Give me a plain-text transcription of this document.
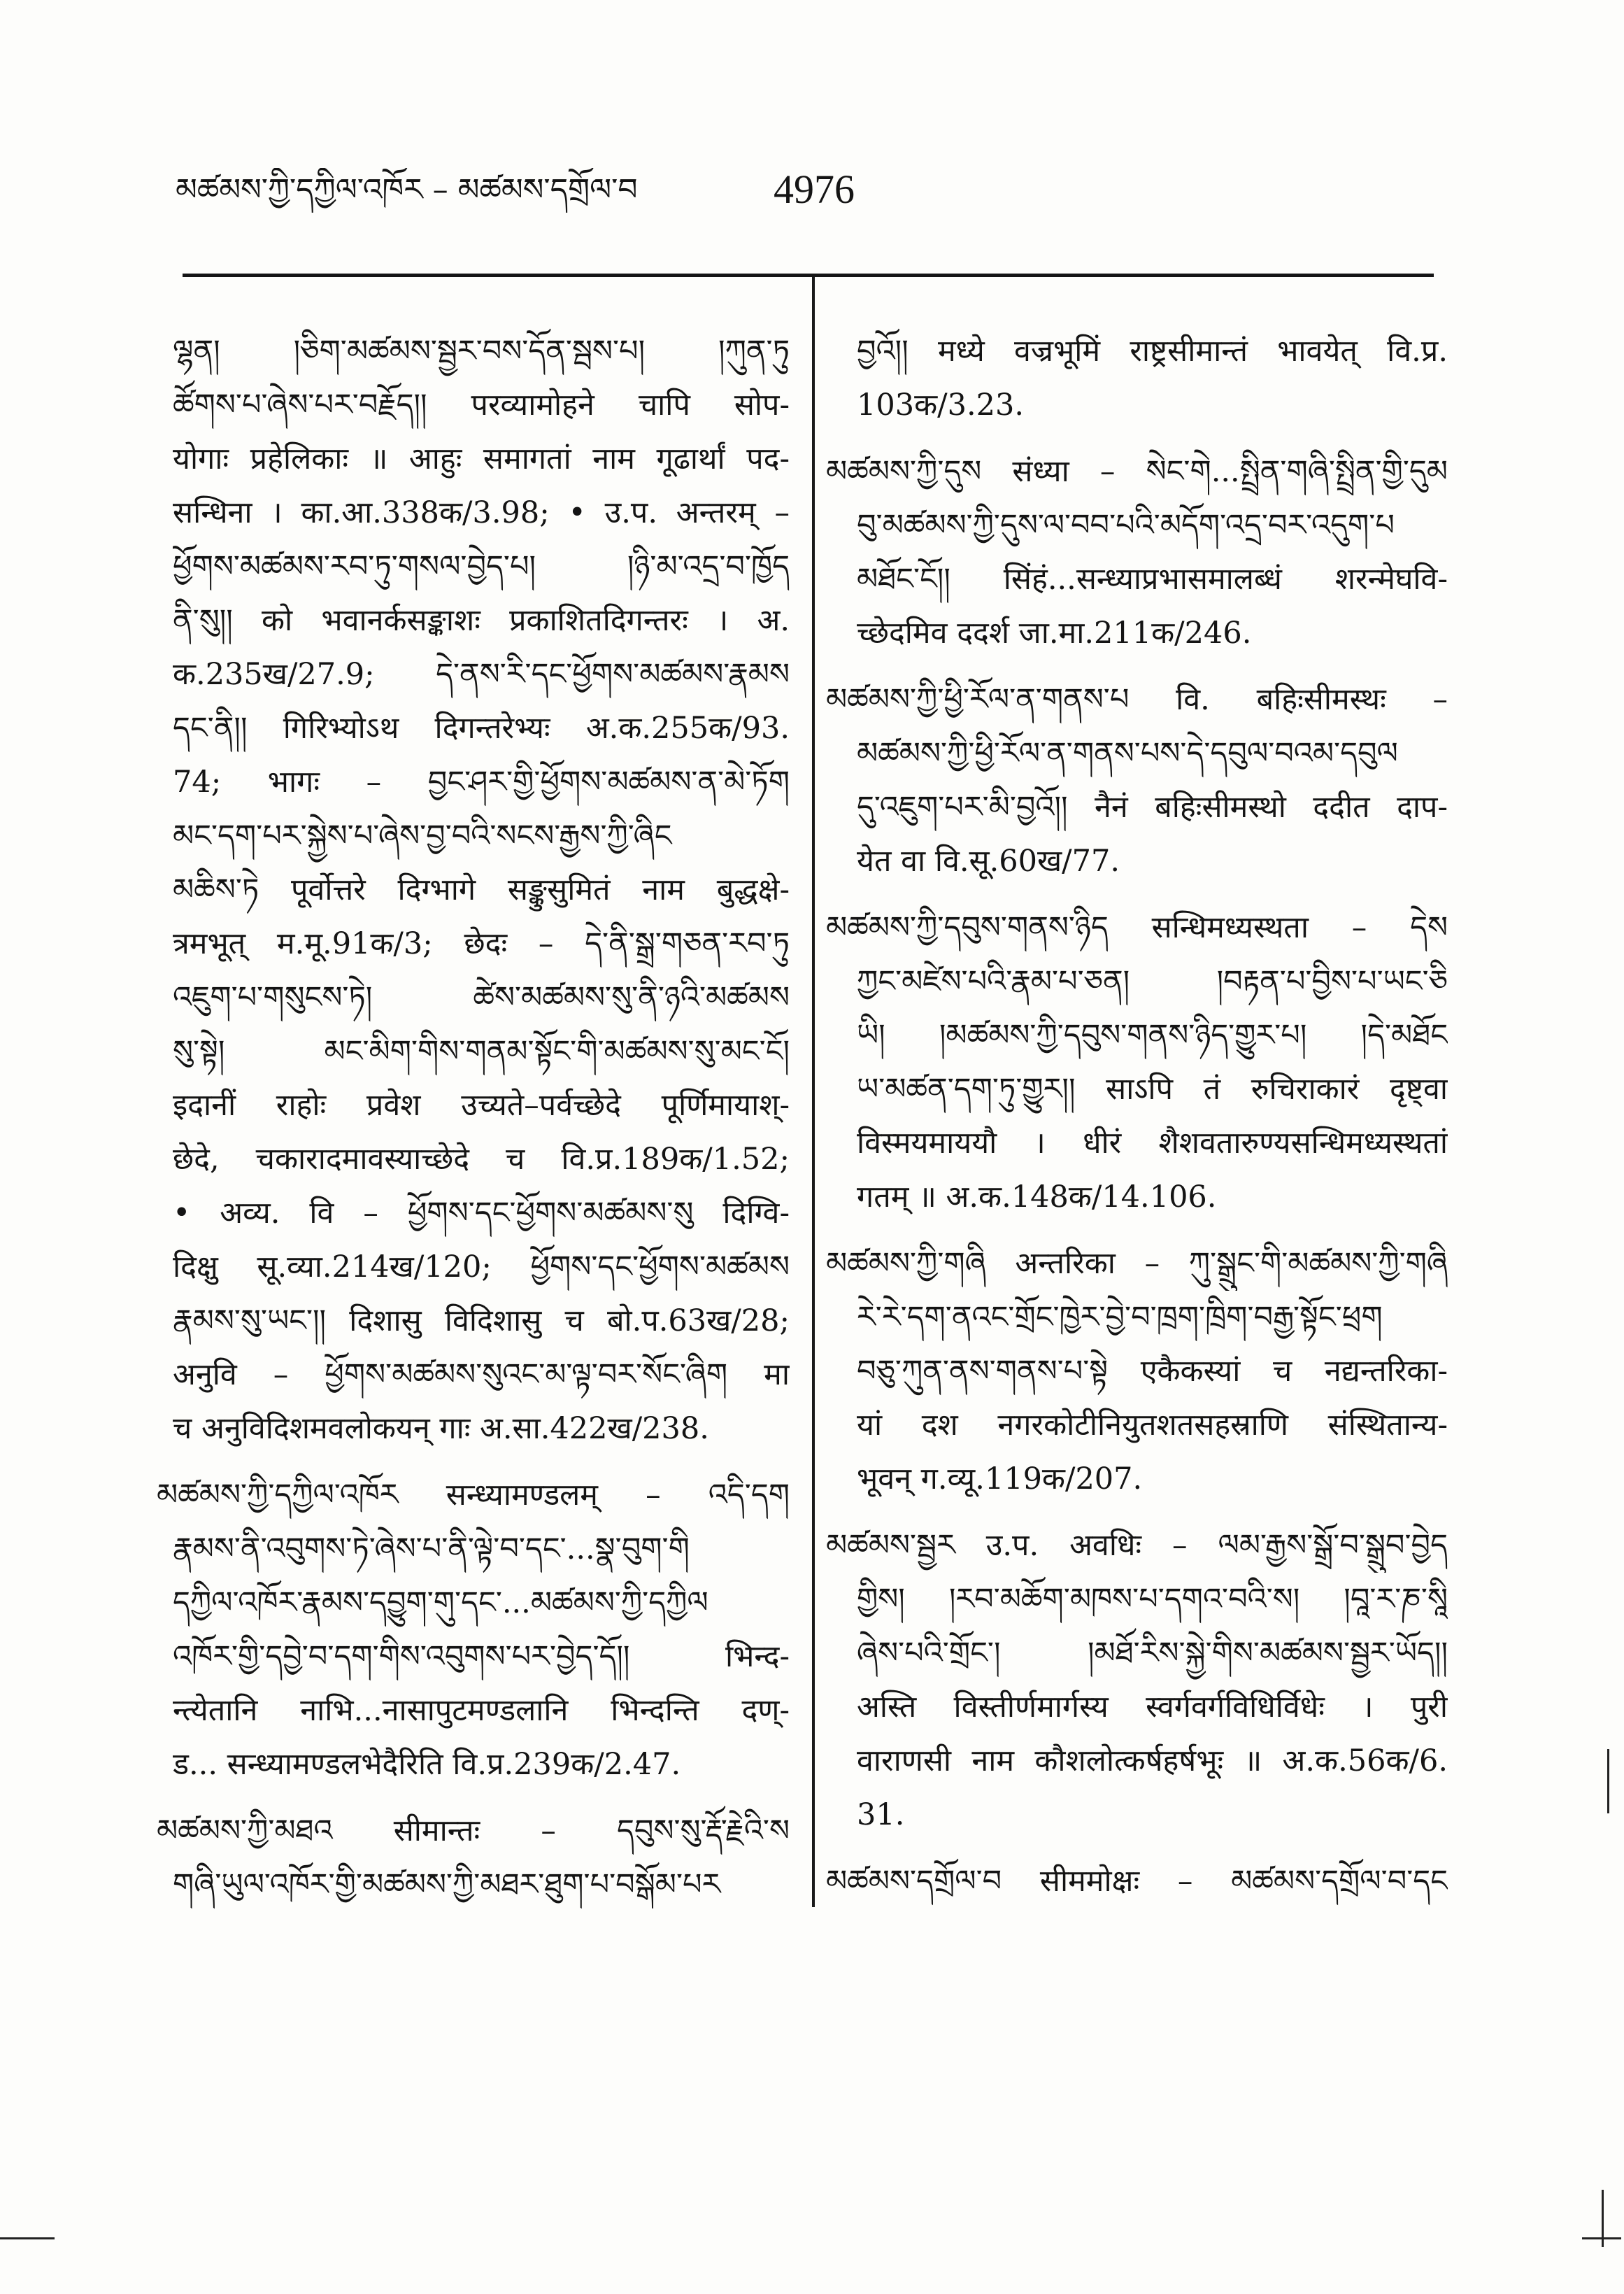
མཚམས་ཀྱི་དཀྱིལ་འཁོར – མཚམས་དགྲོལ་བ	4976
ལྷན། །ཅིག་མཚམས་སྦྱར་བས་དོན་སྦས་པ། །ཀུན་ཏུ
ཚོགས་པ་ཞེས་པར་བརྗོད།། परव्यामोहने चापि सोप-
योगाः प्रहेलिकाः ॥ आहुः समागतां नाम गूढार्थां पद-
सन्धिना । का.आ.338क/3.98; • उ.प. अन्तरम् –
ཕྱོགས་མཚམས་རབ་ཏུ་གསལ་བྱེད་པ། །ཉི་མ་འདྲ་བ་ཁྱོད
ནི་སུ།། को भवानर्कसङ्काशः प्रकाशितदिगन्तरः । अ.
क.235ख/27.9; དེ་ནས་རི་དང་ཕྱོགས་མཚམས་རྣམས
དང་ནི།། गिरिभ्योऽथ दिगन्तरेभ्यः अ.क.255क/93.
74; भागः – བྱང་ཤར་གྱི་ཕྱོགས་མཚམས་ན་མེ་ཏོག
མང་དག་པར་སྐྱེས་པ་ཞེས་བྱ་བའི་སངས་རྒྱས་ཀྱི་ཞིང
མཆིས་ཏེ पूर्वोत्तरे दिग्भागे सङ्कुसुमितं नाम बुद्धक्षे-
त्रमभूत् म.मू.91क/3; छेदः – དེ་ནི་སྒྲ་གཅན་རབ་ཏུ
འཇུག་པ་གསུངས་ཏེ། ཚེས་མཚམས་སུ་ནི་ཉའི་མཚམས
སུ་སྟེ། མང་མིག་གིས་གནམ་སྟོང་གི་མཚམས་སུ་མང་ངོ།
इदानीं राहोः प्रवेश उच्यते–पर्वच्छेदे पूर्णिमायाश्-
छेदे, चकारादमावस्याच्छेदे च वि.प्र.189क/1.52;
• अव्य. वि – ཕྱོགས་དང་ཕྱོགས་མཚམས་སུ दिग्वि-
दिक्षु सू.व्या.214ख/120; ཕྱོགས་དང་ཕྱོགས་མཚམས
རྣམས་སུ་ཡང་།། दिशासु विदिशासु च बो.प.63ख/28;
अनुवि – ཕྱོགས་མཚམས་སུའང་མ་ལྟ་བར་སོང་ཞིག मा
च अनुविदिशमवलोकयन् गाः अ.सा.422ख/238.
མཚམས་ཀྱི་དཀྱིལ་འཁོར सन्ध्यामण्डलम् – འདི་དག
རྣམས་ནི་འབུགས་ཏེ་ཞེས་པ་ནི་ལྟེ་བ་དང་...སྣ་བུག་གི
དཀྱིལ་འཁོར་རྣམས་དབྱུག་གུ་དང་...མཚམས་ཀྱི་དཀྱིལ
འཁོར་གྱི་དབྱེ་བ་དག་གིས་འབུགས་པར་བྱེད་དོ།། भिन्द-
न्त्येतानि नाभि...नासापुटमण्डलानि भिन्दन्ति दण्-
ड... सन्ध्यामण्डलभेदैरिति वि.प्र.239क/2.47.
མཚམས་ཀྱི་མཐའ सीमान्तः – དབུས་སུ་རྡོ་རྗེའི་ས
གཞི་ཡུལ་འཁོར་གྱི་མཚམས་ཀྱི་མཐར་ཐུག་པ་བསྒོམ་པར
བྱའོ།། मध्ये वज्रभूमिं राष्ट्रसीमान्तं भावयेत् वि.प्र.
103क/3.23.
མཚམས་ཀྱི་དུས संध्या – སེང་གེ...སྤྲིན་གཞི་སྤྲིན་གྱི་དུམ
བུ་མཚམས་ཀྱི་དུས་ལ་བབ་པའི་མདོག་འདྲ་བར་འདུག་པ
མཐོང་ངོ།། सिंहं...सन्ध्याप्रभासमालब्धं शरन्मेघवि-
च्छेदमिव ददर्श जा.मा.211क/246.
མཚམས་ཀྱི་ཕྱི་རོལ་ན་གནས་པ वि. बहिःसीमस्थः –
མཚམས་ཀྱི་ཕྱི་རོལ་ན་གནས་པས་དེ་དབུལ་བའམ་དབུལ
དུ་འཇུག་པར་མི་བྱའོ།། नैनं बहिःसीमस्थो ददीत दाप-
येत वा वि.सू.60ख/77.
མཚམས་ཀྱི་དབུས་གནས་ཉིད सन्धिमध्यस्थता – དེས
ཀྱང་མཛེས་པའི་རྣམ་པ་ཅན། །བརྟན་པ་བྱིས་པ་ཡང་ཅི
ཡི། །མཚམས་ཀྱི་དབུས་གནས་ཉིད་གྱུར་པ། །དེ་མཐོང
ཡ་མཚན་དག་ཏུ་གྱུར།། साऽपि तं रुचिराकारं दृष्ट्वा
विस्मयमाययौ । धीरं शैशवतारुण्यसन्धिमध्यस्थतां
गतम् ॥ अ.क.148क/14.106.
མཚམས་ཀྱི་གཞི अन्तरिका – ཀུ་སྒྲུང་གི་མཚམས་ཀྱི་གཞི
རེ་རེ་དག་ནའང་གྲོང་ཁྱེར་བྱེ་བ་ཁྲག་ཁྲིག་བརྒྱ་སྟོང་ཕྲག
བཅུ་ཀུན་ནས་གནས་པ་སྟེ एकैकस्यां च नद्यन्तरिका-
यां दश नगरकोटीनियुतशतसहस्राणि संस्थितान्य-
भूवन् ग.व्यू.119क/207.
མཚམས་སྦྱར उ.प. अवधिः – ལམ་རྒྱས་སྒྲོ་བ་སྒྲུབ་བྱེད
གྱིས། །རབ་མཆོག་མཁས་པ་དགའ་བའི་ས། །བཱ་ར་ཎ་སཱི
ཞེས་པའི་གྲོང་། །མཐོ་རིས་སྐྱེ་གིས་མཚམས་སྦྱར་ཡོད།།
अस्ति विस्तीर्णमार्गस्य स्वर्गवर्गविधिर्विधेः । पुरी
वाराणसी नाम कौशलोत्कर्षहर्षभूः ॥ अ.क.56क/6.
31.
མཚམས་དགྲོལ་བ सीममोक्षः – མཚམས་དགྲོལ་བ་དང
